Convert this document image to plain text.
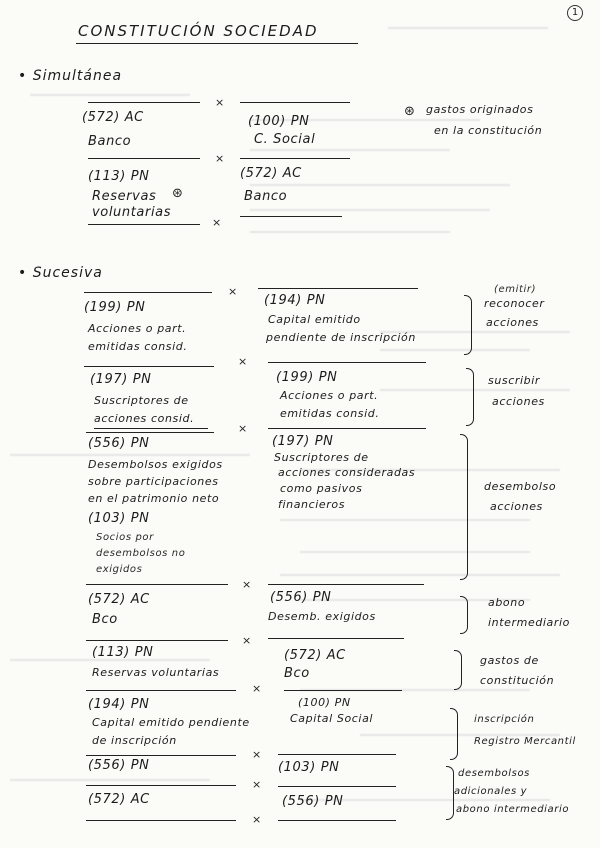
1
CONSTITUCIÓN SOCIEDAD
• Simultánea
×
(572) AC
Banco
(100) PN
C. Social
×
(113) PN
Reservas ⊛
voluntarias
(572) AC
Banco
×
⊛ gastos originados
en la constitución
• Sucesiva
×
(199) PN
Acciones o part.
emitidas consid.
(194) PN
Capital emitido
pendiente de inscripción
×
(emitir)
reconocer
acciones
(197) PN
Suscriptores de
acciones consid.
(199) PN
Acciones o part.
emitidas consid.
×
suscribir
acciones
(556) PN
Desembolsos exigidos
sobre participaciones
en el patrimonio neto
(103) PN
Socios por
desembolsos no
exigidos
(197) PN
Suscriptores de
acciones consideradas
como pasivos
financieros
×
desembolso
acciones
(572) AC
Bco
(556) PN
Desemb. exigidos
×
abono
intermediario
(113) PN
Reservas voluntarias
(572) AC
Bco
×
gastos de
constitución
(194) PN
Capital emitido pendiente
de inscripción
(100) PN
Capital Social
×
inscripción
Registro Mercantil
(556) PN	(103) PN
×
(572) AC	(556) PN
×
desembolsos
adicionales y
abono intermediario
